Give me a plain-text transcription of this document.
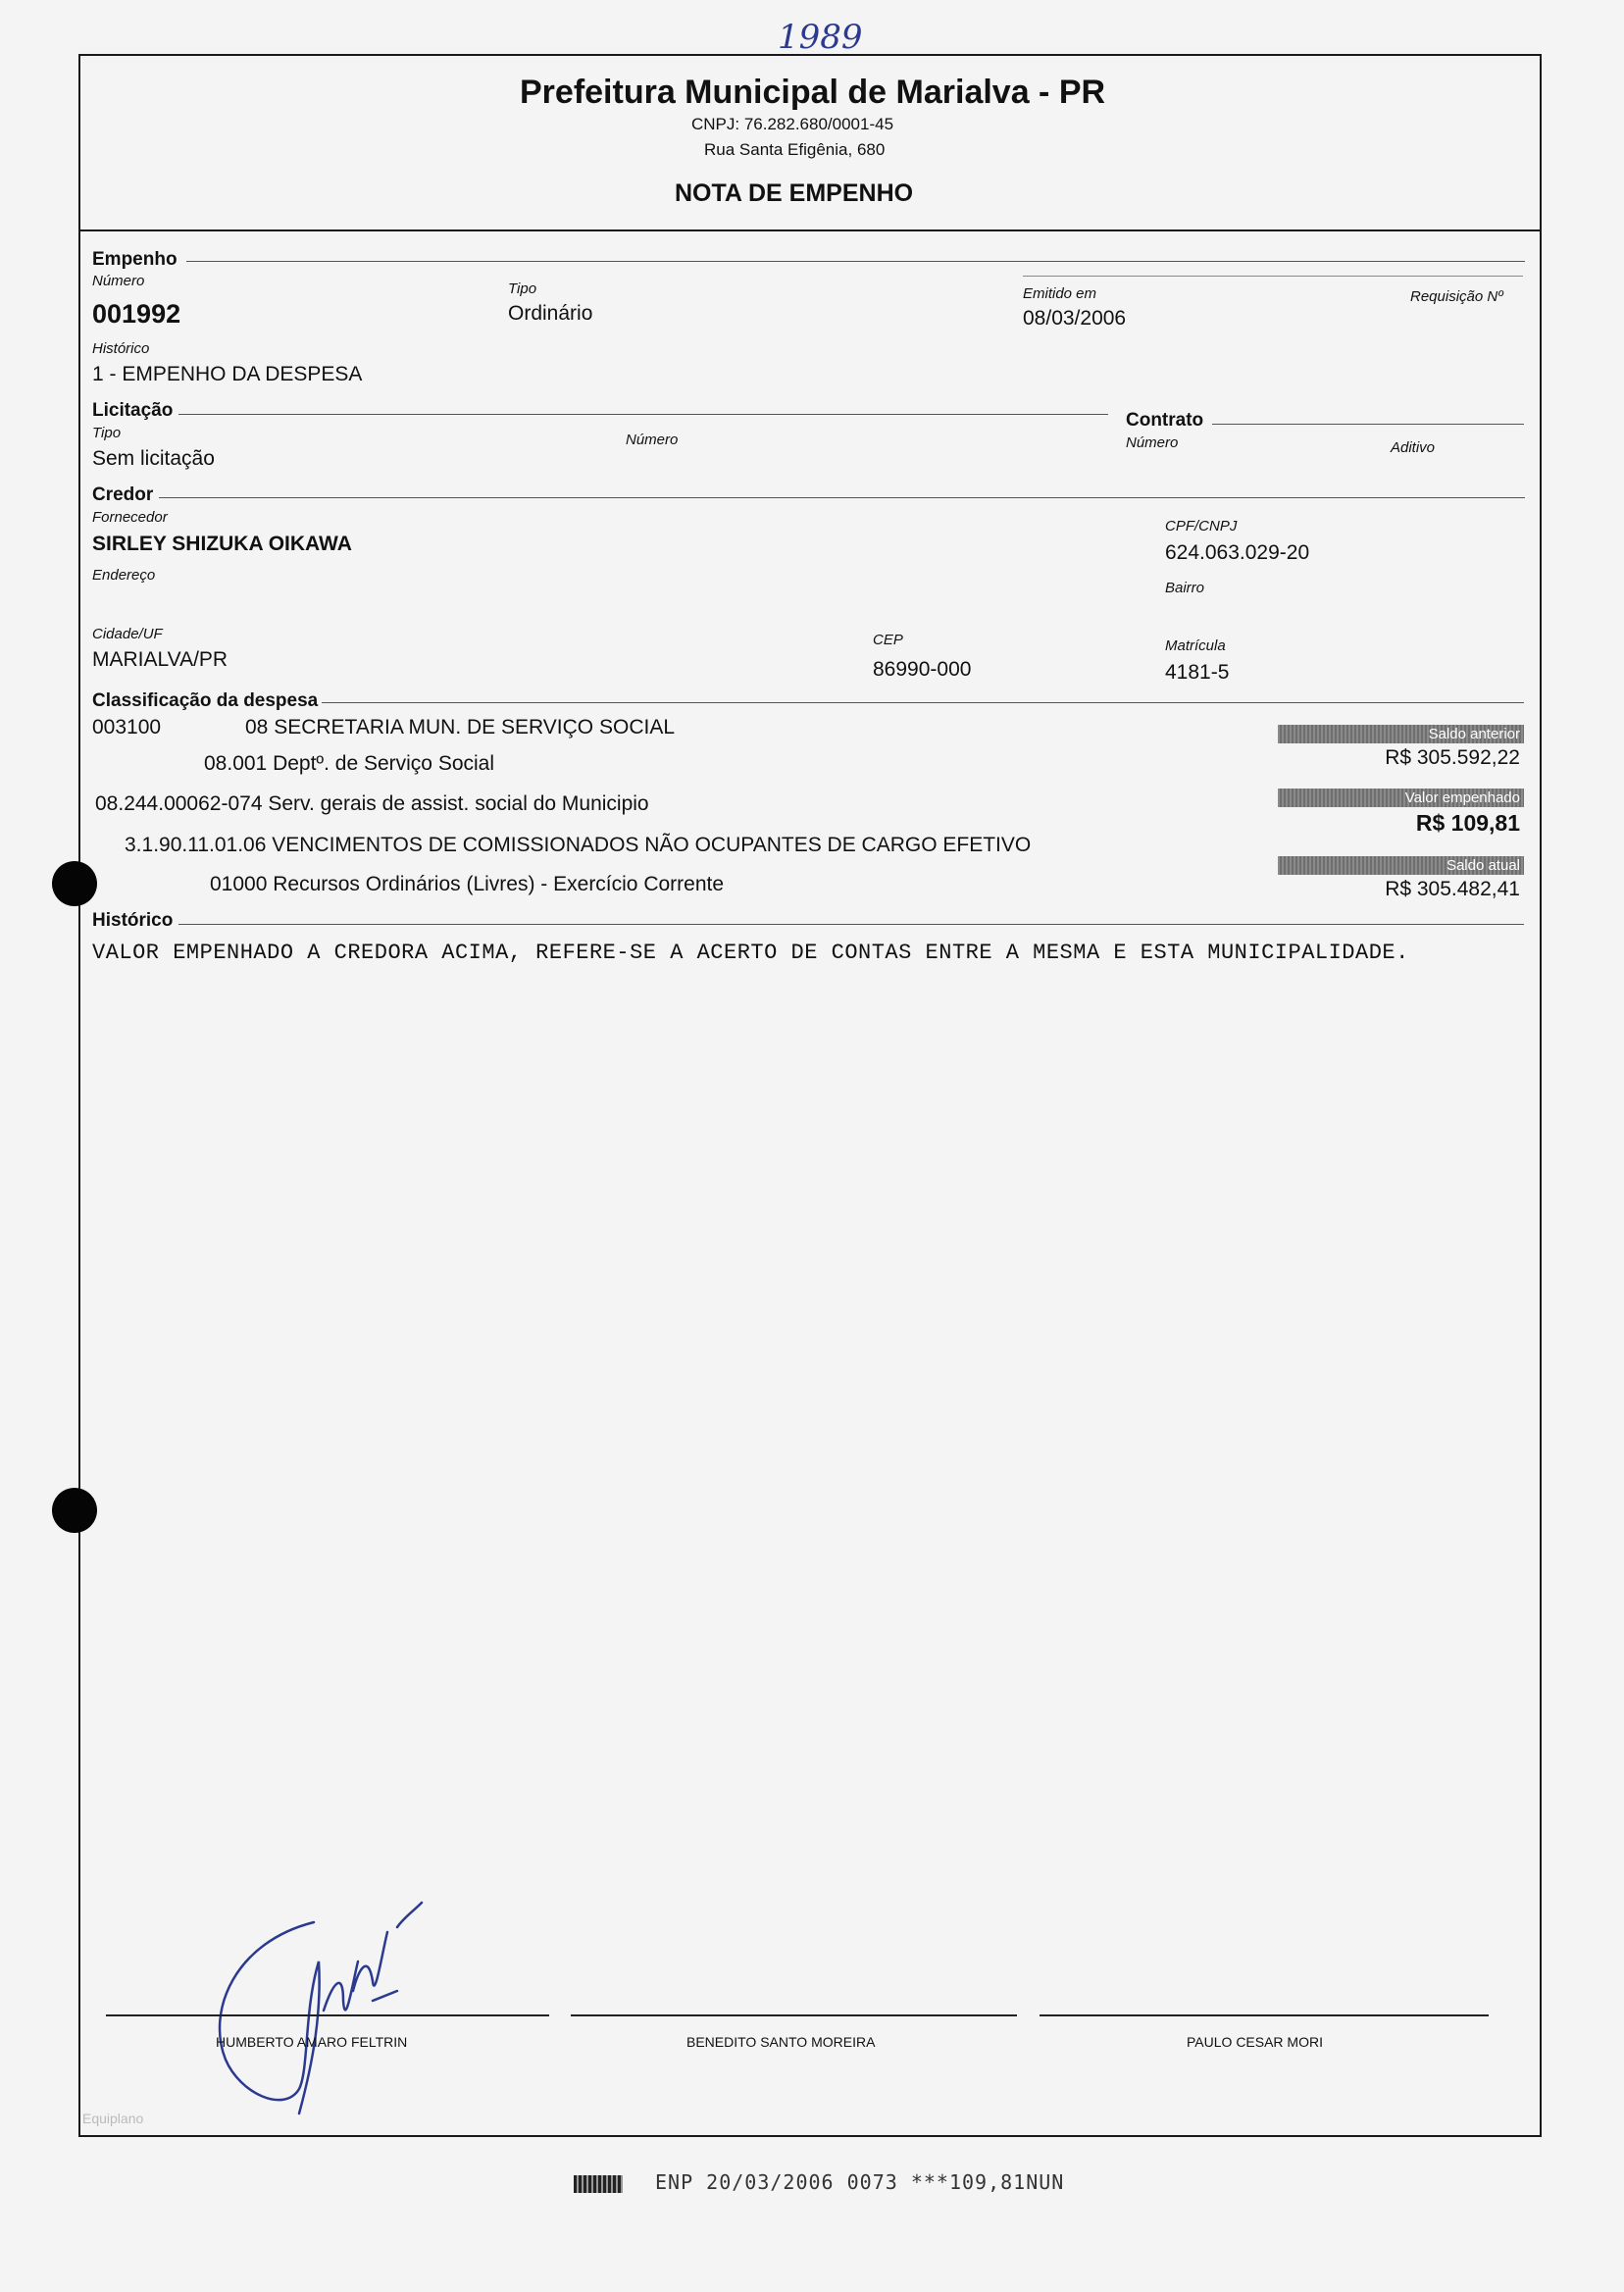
1989
Prefeitura Municipal de Marialva - PR
CNPJ: 76.282.680/0001-45
Rua Santa Efigênia, 680
NOTA DE EMPENHO
Empenho
Número
001992
Tipo
Ordinário
Emitido em
08/03/2006
Requisição Nº
Histórico
1 - EMPENHO DA DESPESA
Licitação
Tipo
Sem licitação
Número
Contrato
Número	Aditivo
Credor
Fornecedor
SIRLEY SHIZUKA OIKAWA
CPF/CNPJ
624.063.029-20
Endereço
Bairro
Cidade/UF
MARIALVA/PR
CEP
86990-000
Matrícula
4181-5
Classificação da despesa
003100	08 SECRETARIA MUN. DE SERVIÇO SOCIAL
08.001 Deptº. de Serviço Social
08.244.00062-074 Serv. gerais de assist. social do Municipio
3.1.90.11.01.06 VENCIMENTOS DE COMISSIONADOS NÃO OCUPANTES DE CARGO EFETIVO
01000 Recursos Ordinários (Livres) - Exercício Corrente
Saldo anterior
R$ 305.592,22
Valor empenhado
R$ 109,81
Saldo atual
R$ 305.482,41
Histórico
VALOR EMPENHADO A CREDORA ACIMA, REFERE-SE A ACERTO DE CONTAS ENTRE A MESMA E ESTA MUNICIPALIDADE.
HUMBERTO AMARO FELTRIN	BENEDITO SANTO MOREIRA	PAULO CESAR MORI
Equiplano
ENP 20/03/2006 0073 ***109,81NUN
